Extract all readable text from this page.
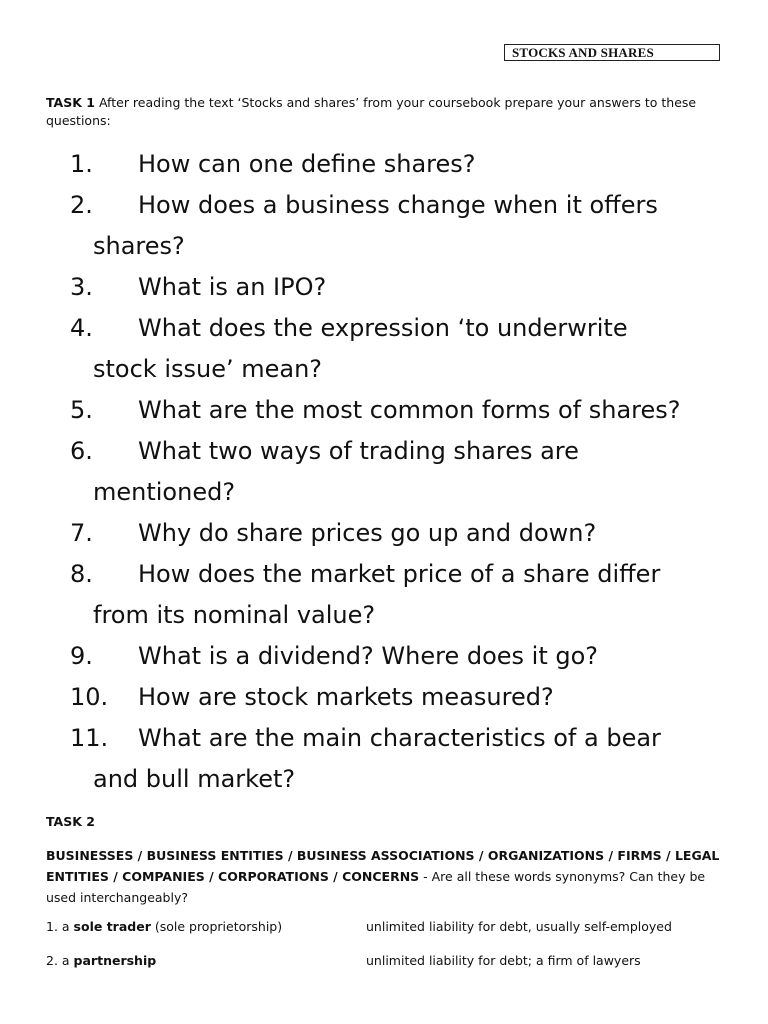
STOCKS AND SHARES
TASK 1 After reading the text ‘Stocks and shares’ from your coursebook prepare your answers to these questions:
1.	How can one define shares?
2.	How does a business change when it offers
shares?
3.	What is an IPO?
4.	What does the expression ‘to underwrite
stock issue’ mean?
5.	What are the most common forms of shares?
6.	What two ways of trading shares are
mentioned?
7.	Why do share prices go up and down?
8.	How does the market price of a share differ
from its nominal value?
9.	What is a dividend? Where does it go?
10.	How are stock markets measured?
11.	What are the main characteristics of a bear
and bull market?
TASK 2
BUSINESSES / BUSINESS ENTITIES / BUSINESS ASSOCIATIONS / ORGANIZATIONS / FIRMS / LEGAL ENTITIES / COMPANIES / CORPORATIONS / CONCERNS - Are all these words synonyms? Can they be used interchangeably?
1. a sole trader (sole proprietorship)	unlimited liability for debt, usually self-employed
2. a partnership	unlimited liability for debt; a firm of lawyers
